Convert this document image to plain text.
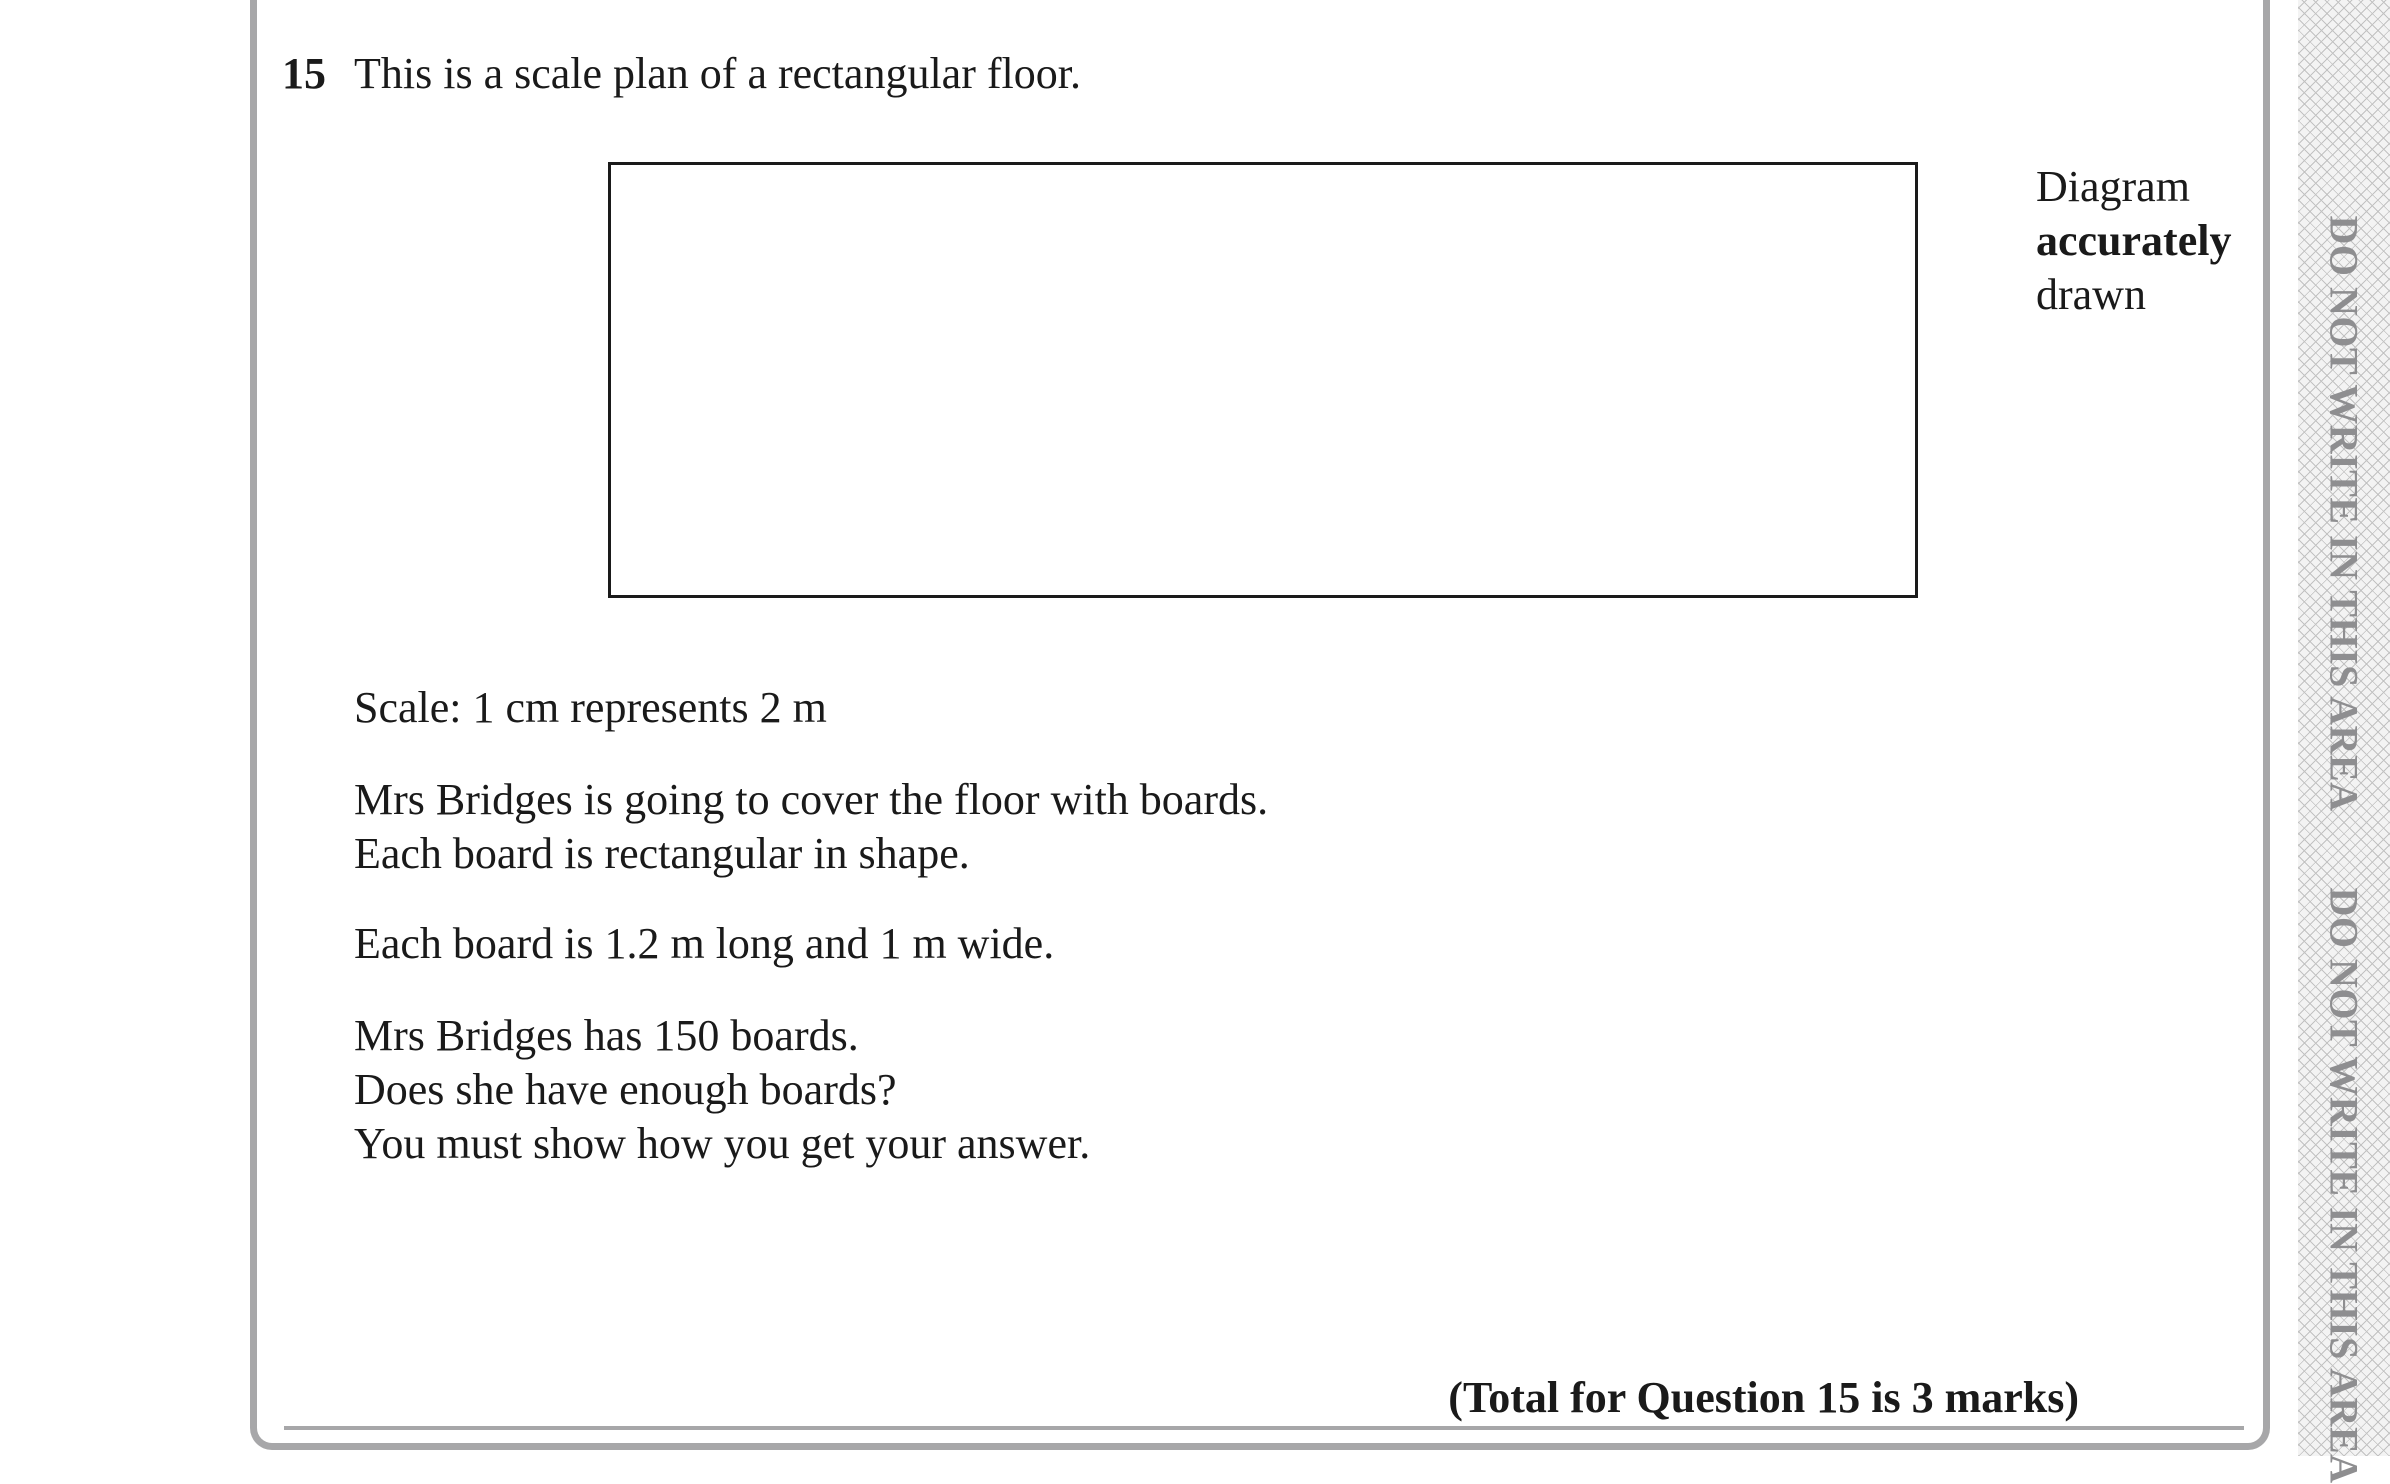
DO NOT WRITE IN THIS AREA
DO NOT WRITE IN THIS AREA
15 This is a scale plan of a rectangular floor.
Diagram
accurately
drawn
Scale: 1 cm represents 2 m
Mrs Bridges is going to cover the floor with boards.
Each board is rectangular in shape.
Each board is 1.2 m long and 1 m wide.
Mrs Bridges has 150 boards.
Does she have enough boards?
You must show how you get your answer.
(Total for Question 15 is 3 marks)
